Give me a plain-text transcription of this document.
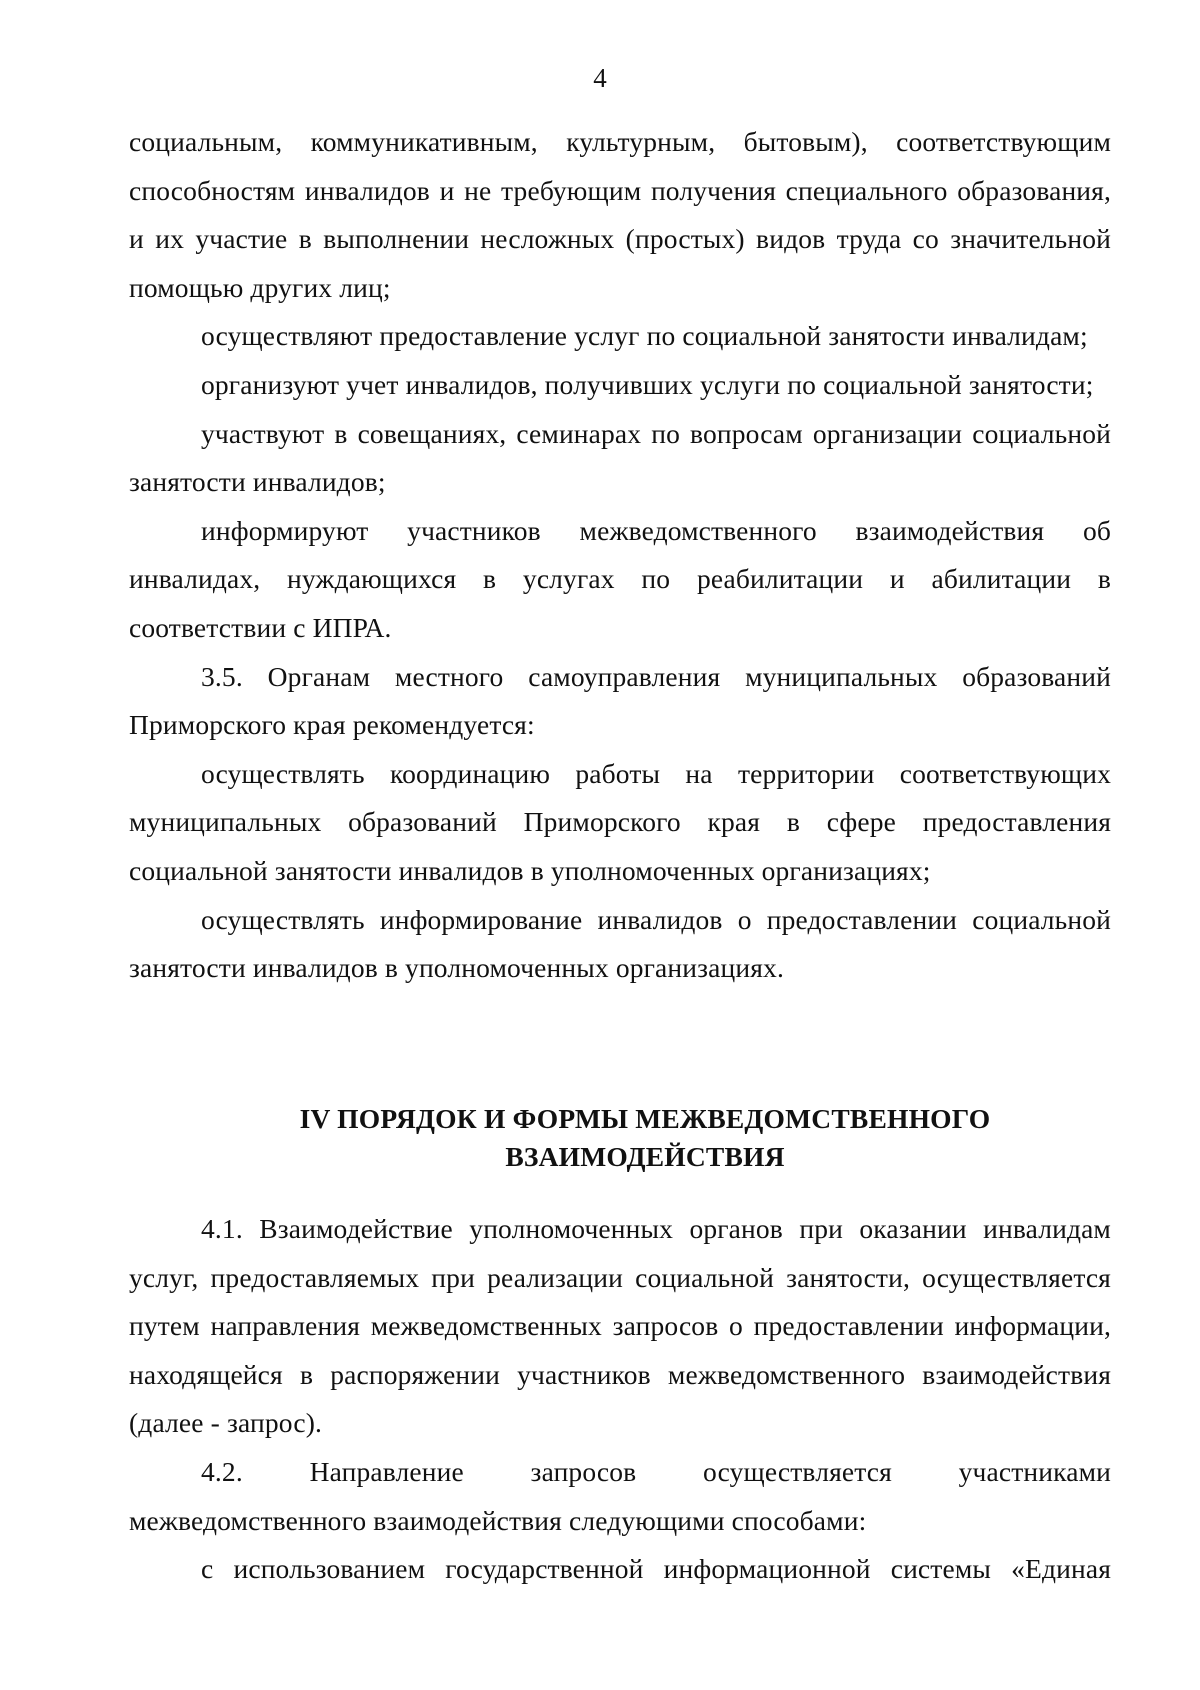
4

социальным, коммуникативным, культурным, бытовым), соответствующим способностям инвалидов и не требующим получения специального образования, и их участие в выполнении несложных (простых) видов труда со значительной помощью других лиц;

осуществляют предоставление услуг по социальной занятости инвалидам;

организуют учет инвалидов, получивших услуги по социальной занятости;

участвуют в совещаниях, семинарах по вопросам организации социальной занятости инвалидов;

информируют участников межведомственного взаимодействия об инвалидах, нуждающихся в услугах по реабилитации и абилитации в соответствии с ИПРА.

3.5. Органам местного самоуправления муниципальных образований Приморского края рекомендуется:

осуществлять координацию работы на территории соответствующих муниципальных образований Приморского края в сфере предоставления социальной занятости инвалидов в уполномоченных организациях;

осуществлять информирование инвалидов о предоставлении социальной занятости инвалидов в уполномоченных организациях.

IV ПОРЯДОК И ФОРМЫ МЕЖВЕДОМСТВЕННОГО
ВЗАИМОДЕЙСТВИЯ

4.1. Взаимодействие уполномоченных органов при оказании инвалидам услуг, предоставляемых при реализации социальной занятости, осуществляется путем направления межведомственных запросов о предоставлении информации, находящейся в распоряжении участников межведомственного взаимодействия (далее - запрос).

4.2. Направление запросов осуществляется участниками межведомственного взаимодействия следующими способами:

с использованием государственной информационной системы «Единая
